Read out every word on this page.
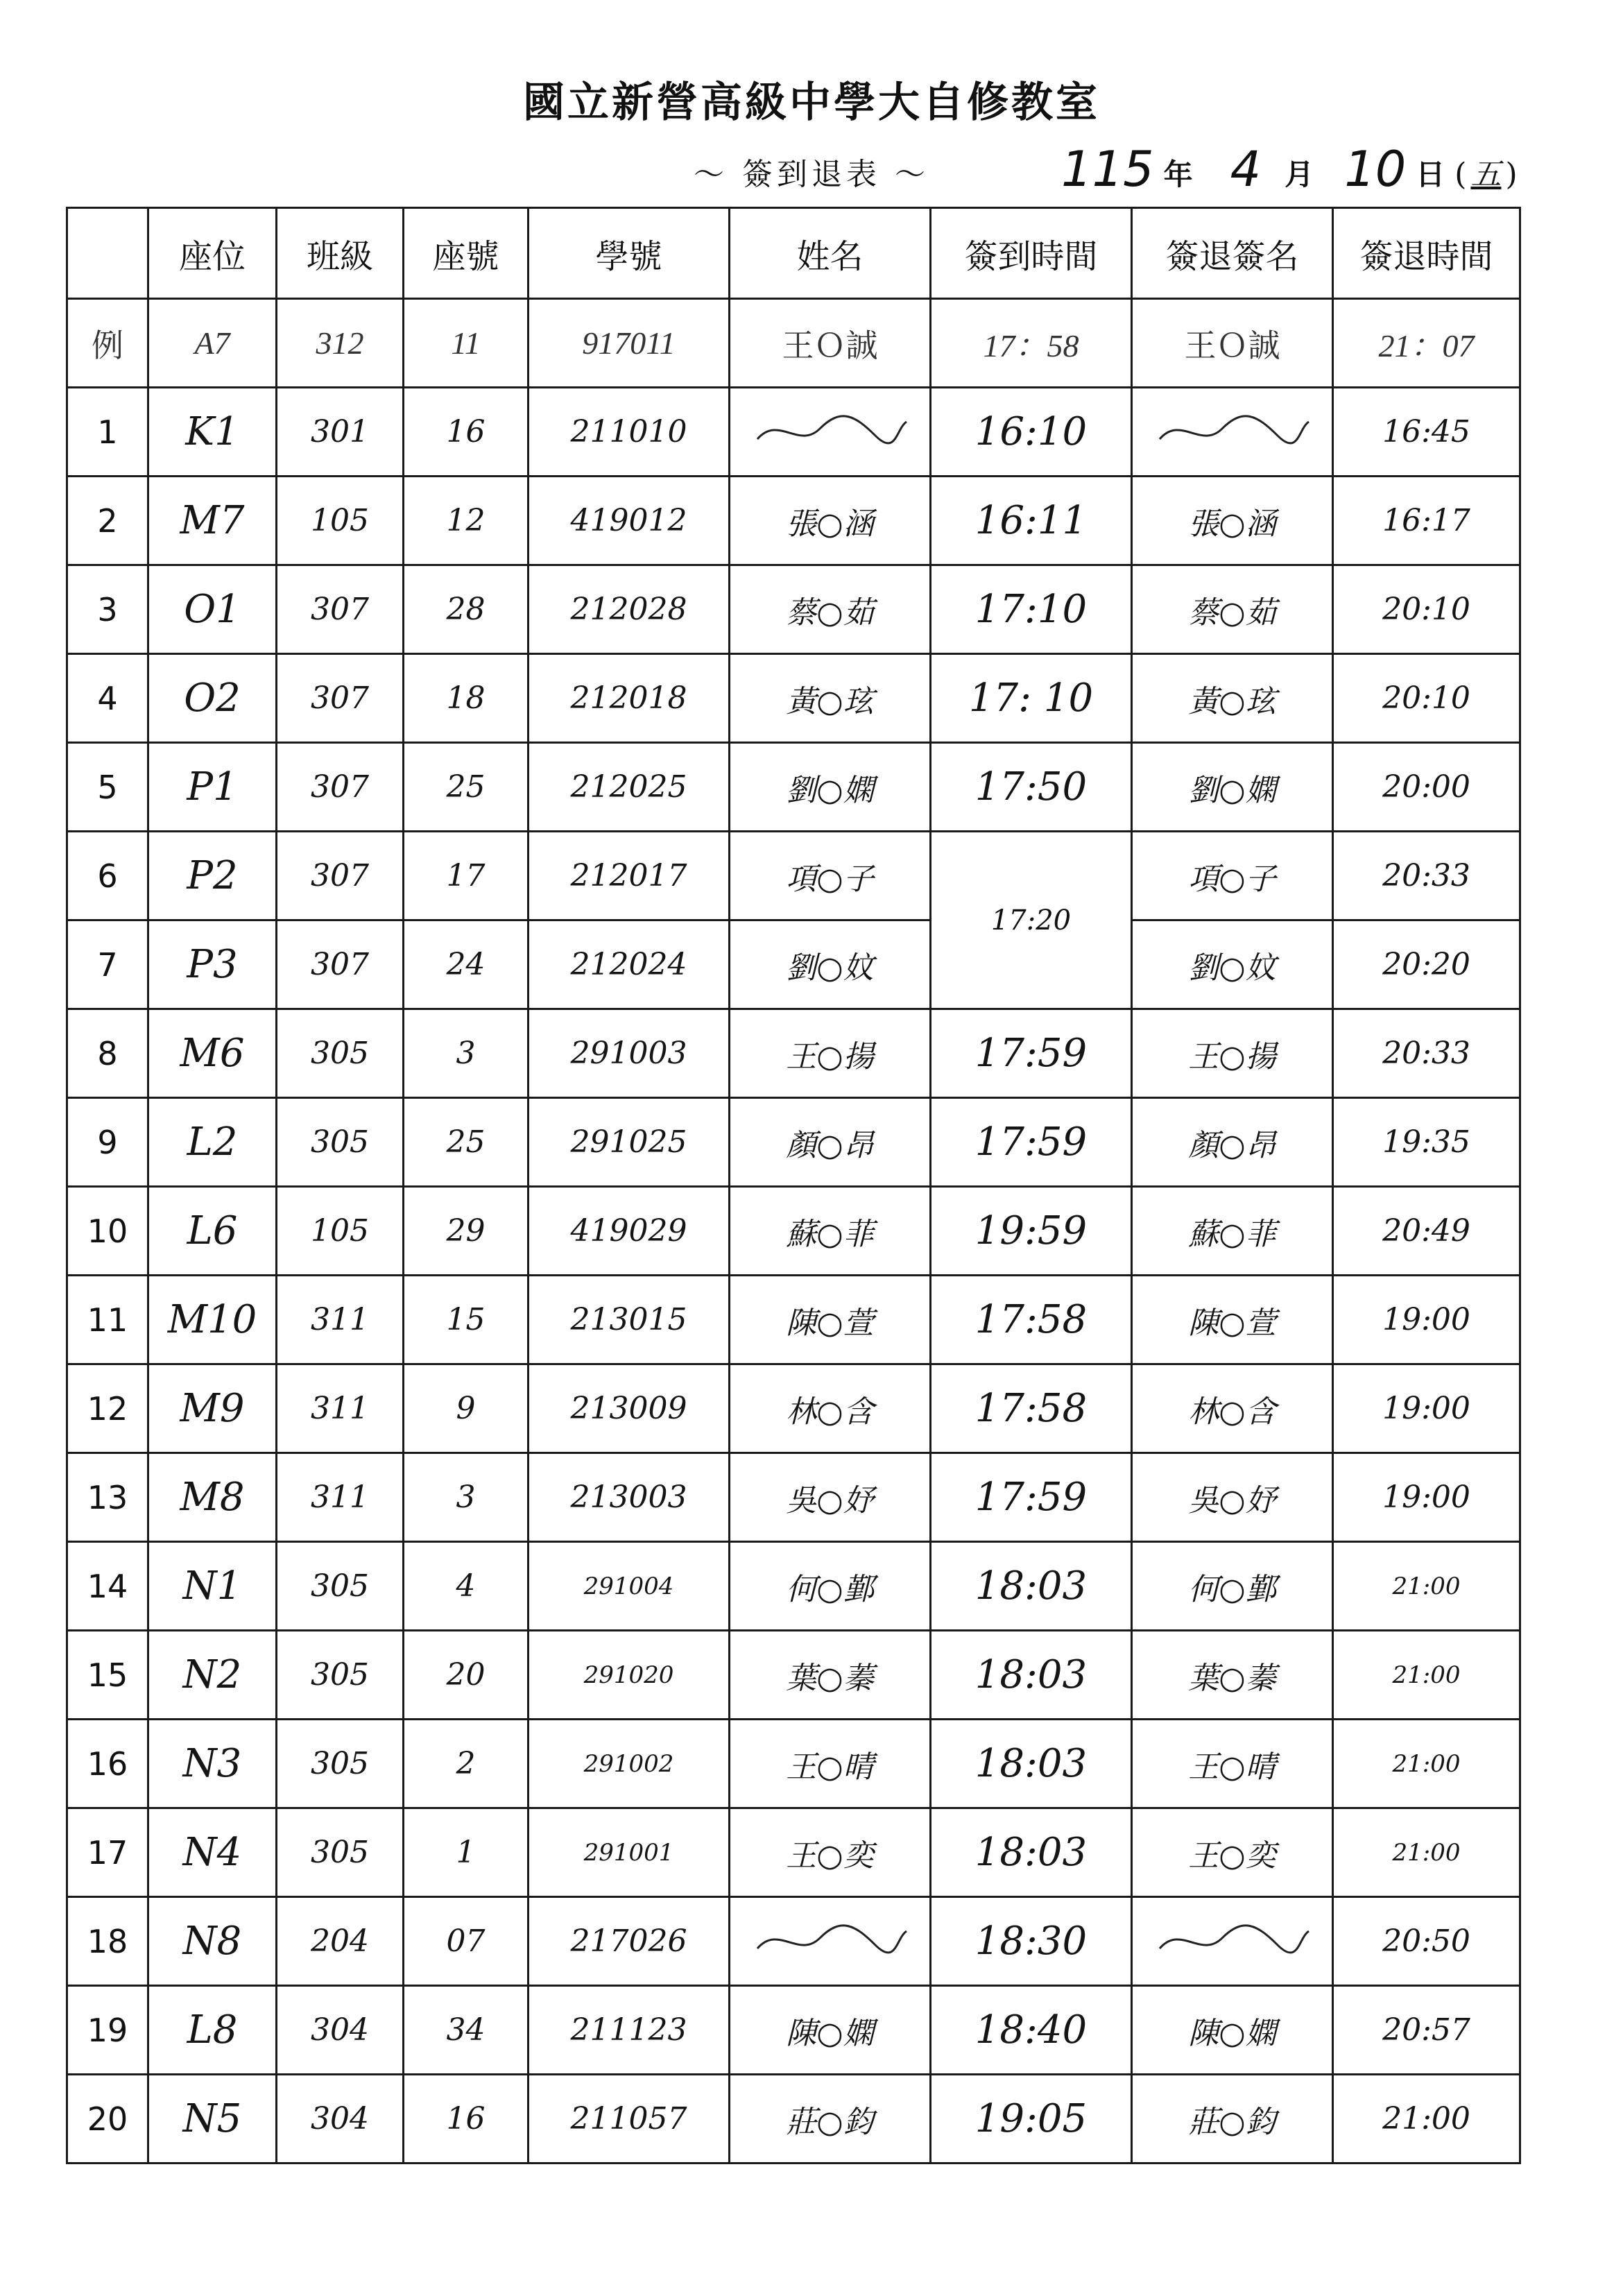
國立新營高級中學大自修教室
～ 簽到退表 ～	115 年 4 月 10 日 ( 五 )
	座位	班級	座號	學號	姓名	簽到時間	簽退簽名	簽退時間
例	A7	312	11	917011	王Ｏ誠	17：58	王Ｏ誠	21：07
1	K1	301	16	211010		16:10		16:45
2	M7	105	12	419012	張○涵	16:11	張○涵	16:17
3	O1	307	28	212028	蔡○茹	17:10	蔡○茹	20:10
4	O2	307	18	212018	黃○玹	17: 10	黃○玹	20:10
5	P1	307	25	212025	劉○嫻	17:50	劉○嫻	20:00
6	P2	307	17	212017	項○子	17:20	項○子	20:33
7	P3	307	24	212024	劉○妏		劉○妏	20:20
8	M6	305	3	291003	王○揚	17:59	王○揚	20:33
9	L2	305	25	291025	顏○昂	17:59	顏○昂	19:35
10	L6	105	29	419029	蘇○菲	19:59	蘇○菲	20:49
11	M10	311	15	213015	陳○萱	17:58	陳○萱	19:00
12	M9	311	9	213009	林○含	17:58	林○含	19:00
13	M8	311	3	213003	吳○妤	17:59	吳○妤	19:00
14	N1	305	4	291004	何○鄞	18:03	何○鄞	21:00
15	N2	305	20	291020	葉○蓁	18:03	葉○蓁	21:00
16	N3	305	2	291002	王○晴	18:03	王○晴	21:00
17	N4	305	1	291001	王○奕	18:03	王○奕	21:00
18	N8	204	07	217026		18:30		20:50
19	L8	304	34	211123	陳○嫻	18:40	陳○嫻	20:57
20	N5	304	16	211057	莊○鈞	19:05	莊○鈞	21:00
